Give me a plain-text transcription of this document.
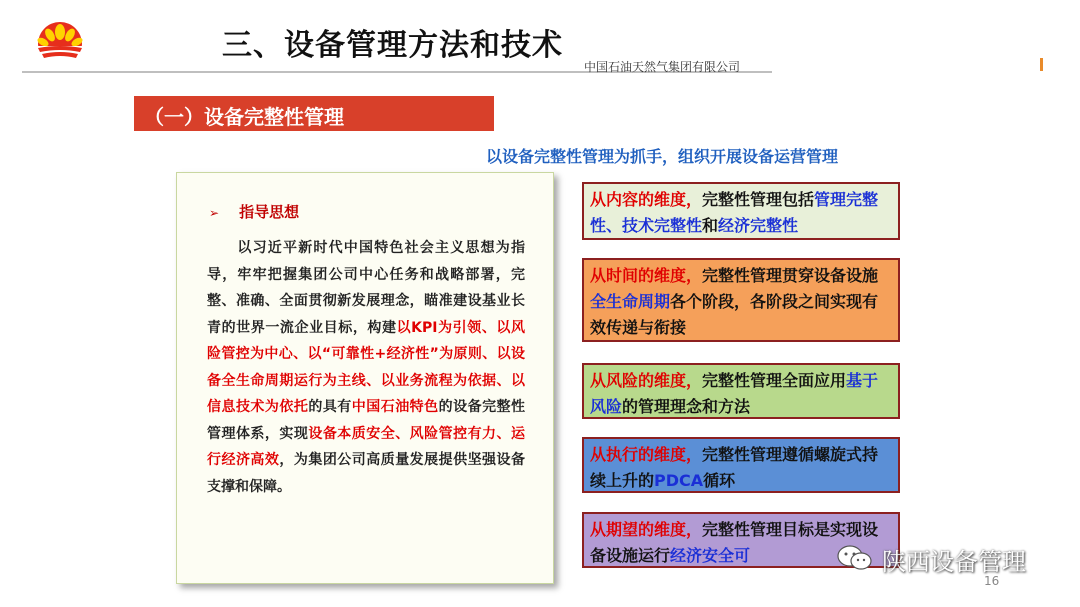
三、设备管理方法和技术
中国石油天然气集团有限公司
（一）设备完整性管理
以设备完整性管理为抓手，组织开展设备运营管理
➢ 指导思想
　　以习近平新时代中国特色社会主义思想为指导，牢牢把握集团公司中心任务和战略部署，完整、准确、全面贯彻新发展理念，瞄准建设基业长青的世界一流企业目标，构建以KPI为引领、以风险管控为中心、以“可靠性+经济性”为原则、以设备全生命周期运行为主线、以业务流程为依据、以信息技术为依托的具有中国石油特色的设备完整性管理体系，实现设备本质安全、风险管控有力、运行经济高效，为集团公司高质量发展提供坚强设备支撑和保障。
从内容的维度，完整性管理包括管理完整性、技术完整性和经济完整性
从时间的维度，完整性管理贯穿设备设施全生命周期各个阶段，各阶段之间实现有效传递与衔接
从风险的维度，完整性管理全面应用基于风险的管理理念和方法
从执行的维度，完整性管理遵循螺旋式持续上升的PDCA循环
从期望的维度，完整性管理目标是实现设备设施运行经济安全可
16
陕西设备管理
